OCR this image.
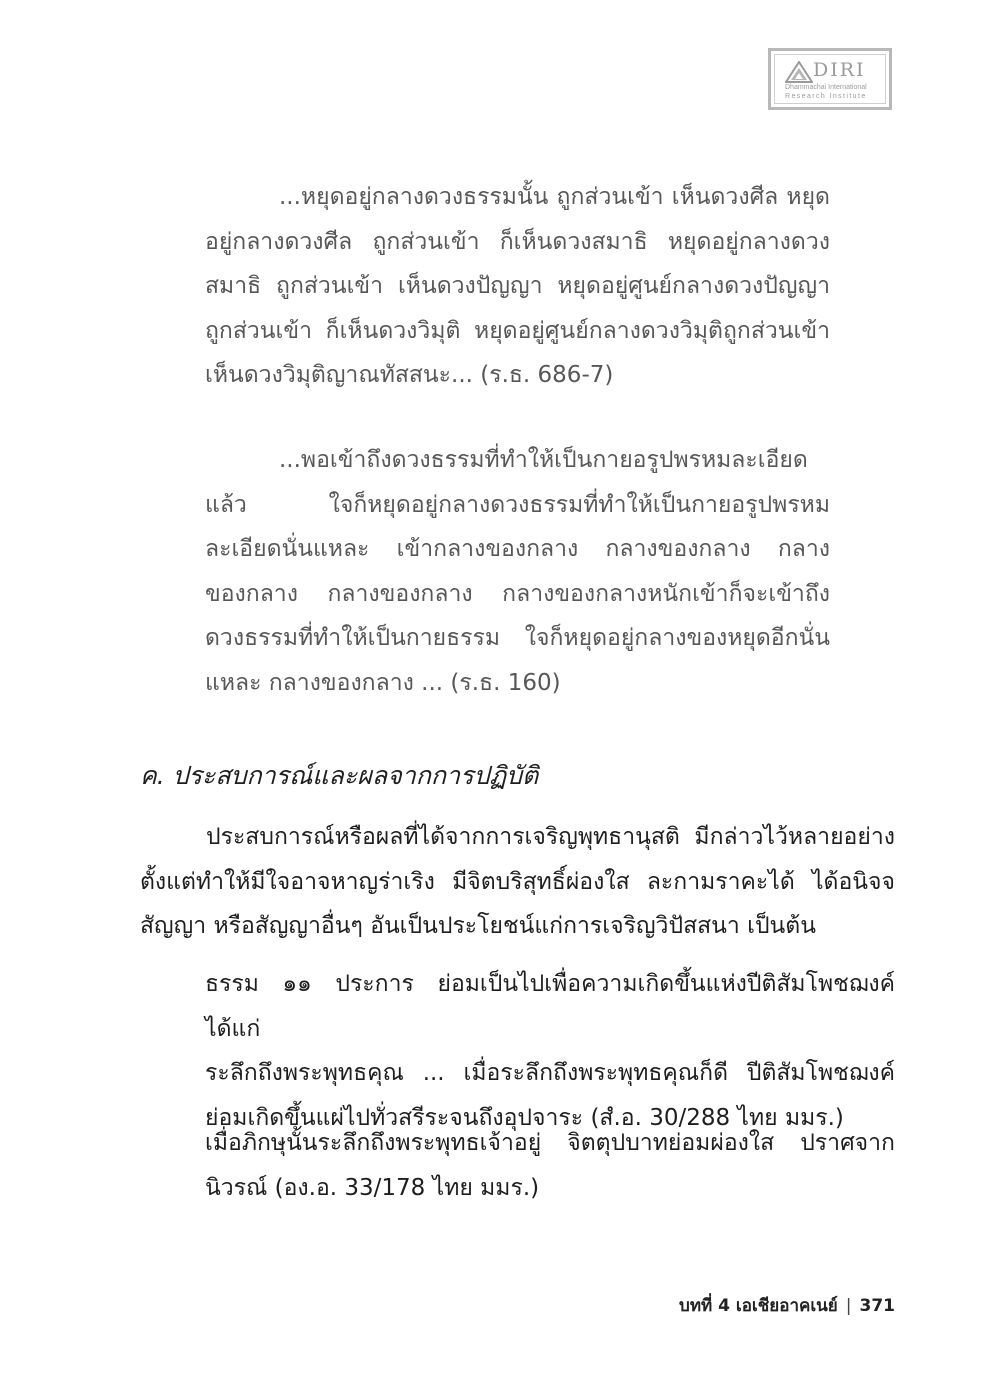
DIRI
Dhammachai International
Research Institute
...หยุดอยู่กลางดวงธรรมนั้น ถูกส่วนเข้า เห็นดวงศีล หยุด
อยู่กลางดวงศีล ถูกส่วนเข้า ก็เห็นดวงสมาธิ หยุดอยู่กลางดวง
สมาธิ ถูกส่วนเข้า เห็นดวงปัญญา หยุดอยู่ศูนย์กลางดวงปัญญา
ถูกส่วนเข้า ก็เห็นดวงวิมุติ หยุดอยู่ศูนย์กลางดวงวิมุติถูกส่วนเข้า
เห็นดวงวิมุติญาณทัสสนะ... (ร.ธ. 686-7)
...พอเข้าถึงดวงธรรมที่ทำให้เป็นกายอรูปพรหมละเอียด
แล้ว ใจก็หยุดอยู่กลางดวงธรรมที่ทำให้เป็นกายอรูปพรหม
ละเอียดนั่นแหละ เข้ากลางของกลาง กลางของกลาง กลาง
ของกลาง กลางของกลาง กลางของกลางหนักเข้าก็จะเข้าถึง
ดวงธรรมที่ทำให้เป็นกายธรรม ใจก็หยุดอยู่กลางของหยุดอีกนั่น
แหละ กลางของกลาง ... (ร.ธ. 160)
ค. ประสบการณ์และผลจากการปฏิบัติ
ประสบการณ์หรือผลที่ได้จากการเจริญพุทธานุสติ มีกล่าวไว้หลายอย่าง
ตั้งแต่ทำให้มีใจอาจหาญร่าเริง มีจิตบริสุทธิ์ผ่องใส ละกามราคะได้ ได้อนิจจ
สัญญา หรือสัญญาอื่นๆ อันเป็นประโยชน์แก่การเจริญวิปัสสนา เป็นต้น
ธรรม ๑๑ ประการ ย่อมเป็นไปเพื่อความเกิดขึ้นแห่งปีติสัมโพชฌงค์ได้แก่
ระลึกถึงพระพุทธคุณ ... เมื่อระลึกถึงพระพุทธคุณก็ดี ปีติสัมโพชฌงค์
ย่อมเกิดขึ้นแผ่ไปทั่วสรีระจนถึงอุปจาระ (สํ.อ. 30/288 ไทย มมร.)
เมื่อภิกษุนั้นระลึกถึงพระพุทธเจ้าอยู่ จิตตุปบาทย่อมผ่องใส ปราศจาก
นิวรณ์ (อง.อ. 33/178 ไทย มมร.)
บทที่ 4 เอเชียอาคเนย์ | 371
